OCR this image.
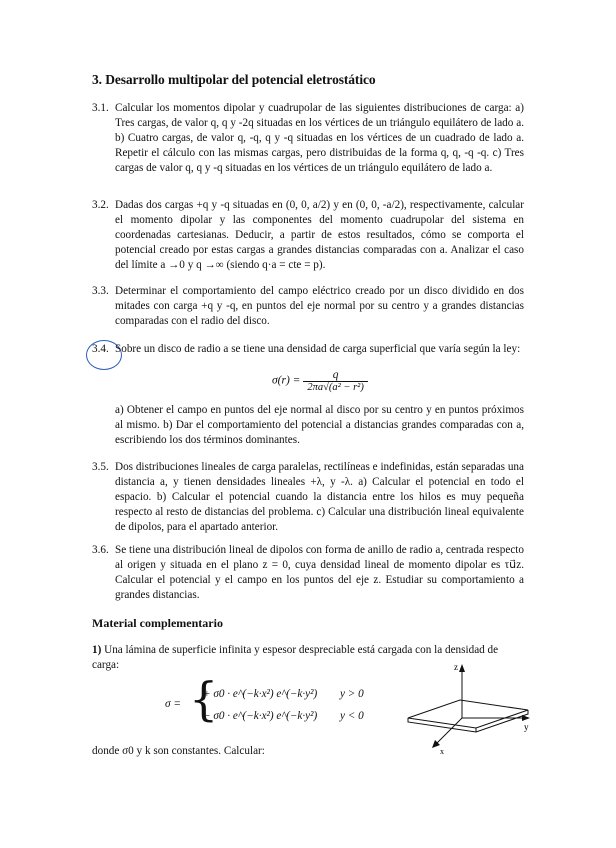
3. Desarrollo multipolar del potencial eletrostático
3.1. Calcular los momentos dipolar y cuadrupolar de las siguientes distribuciones de carga: a) Tres cargas, de valor q, q y -2q situadas en los vértices de un triángulo equilátero de lado a. b) Cuatro cargas, de valor q, -q, q y -q situadas en los vértices de un cuadrado de lado a. Repetir el cálculo con las mismas cargas, pero distribuidas de la forma q, q, -q -q. c) Tres cargas de valor q, q y -q situadas en los vértices de un triángulo equilátero de lado a.
3.2. Dadas dos cargas +q y -q situadas en (0, 0, a/2) y en (0, 0, -a/2), respectivamente, calcular el momento dipolar y las componentes del momento cuadrupolar del sistema en coordenadas cartesianas. Deducir, a partir de estos resultados, cómo se comporta el potencial creado por estas cargas a grandes distancias comparadas con a. Analizar el caso del límite a →0 y q →∞ (siendo q·a = cte = p).
3.3. Determinar el comportamiento del campo eléctrico creado por un disco dividido en dos mitades con carga +q y -q, en puntos del eje normal por su centro y a grandes distancias comparadas con el radio del disco.
3.4. Sobre un disco de radio a se tiene una densidad de carga superficial que varía según la ley:
$\sigma(r) = \frac{q}{\text{2πa√(a² − r²)}}$
a) Obtener el campo en puntos del eje normal al disco por su centro y en puntos próximos al mismo. b) Dar el comportamiento del potencial a distancias grandes comparadas con a, escribiendo los dos términos dominantes.
3.5. Dos distribuciones lineales de carga paralelas, rectilíneas e indefinidas, están separadas una distancia a, y tienen densidades lineales +λ, y -λ. a) Calcular el potencial en todo el espacio. b) Calcular el potencial cuando la distancia entre los hilos es muy pequeña respecto al resto de distancias del problema. c) Calcular una distribución lineal equivalente de dipolos, para el apartado anterior.
3.6. Se tiene una distribución lineal de dipolos con forma de anillo de radio a, centrada respecto al origen y situada en el plano z = 0, cuya densidad lineal de momento dipolar es τu⃗z. Calcular el potencial y el campo en los puntos del eje z. Estudiar su comportamiento a grandes distancias.
Material complementario
1) Una lámina de superficie infinita y espesor despreciable está cargada con la densidad de carga:
σ = {
+ σ0 · e^(−k·x²) e^(−k·y²)
− σ0 · e^(−k·x²) e^(−k·y²)
y > 0
y < 0
z
y
x
donde σ0 y k son constantes. Calcular:
